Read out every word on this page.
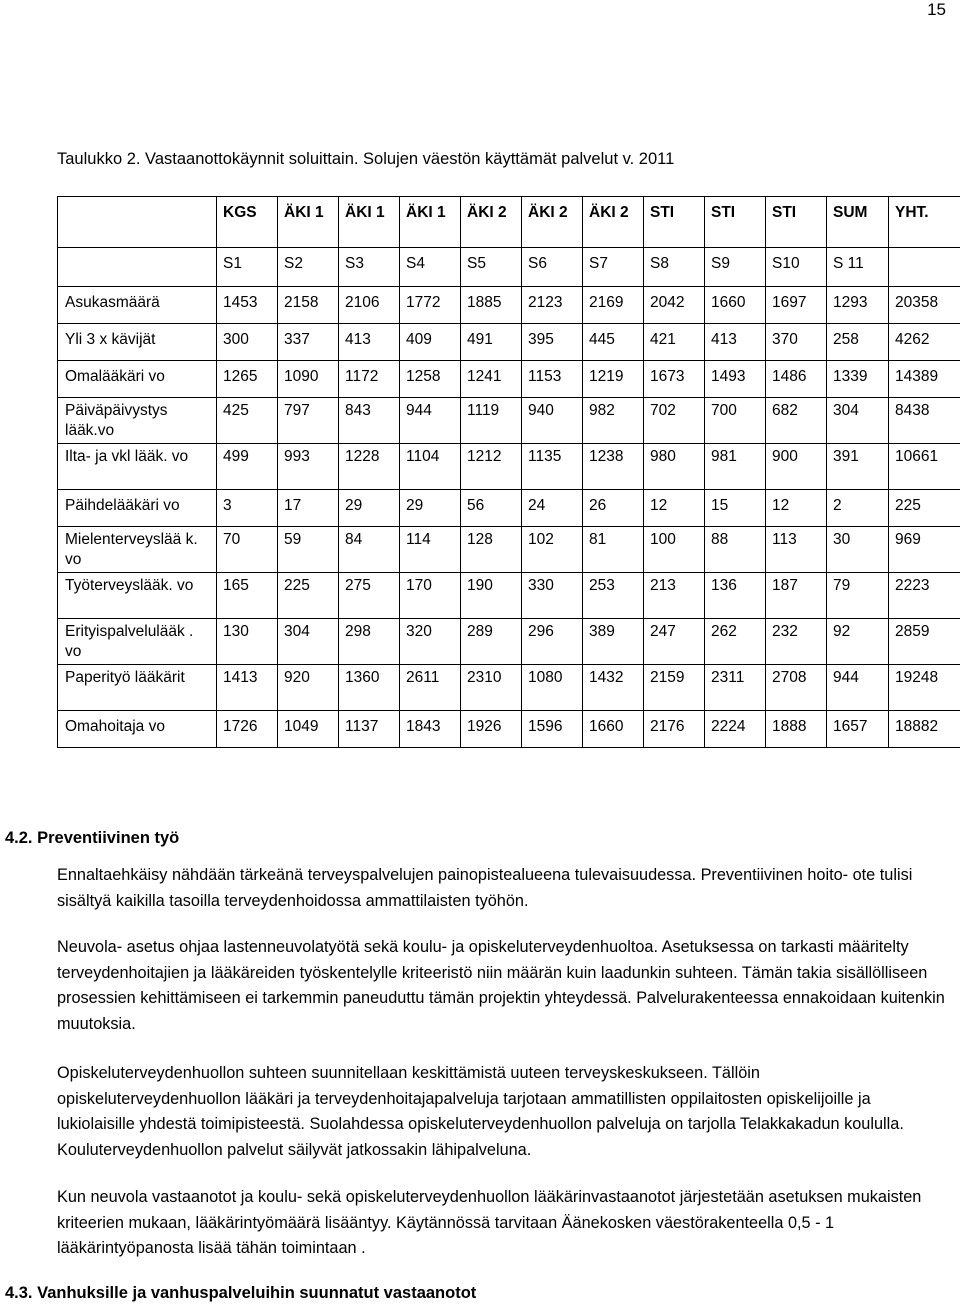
15
Taulukko 2. Vastaanottokäynnit soluittain. Solujen väestön käyttämät palvelut v. 2011
	KGS	ÄKI 1	ÄKI 1	ÄKI 1	ÄKI 2	ÄKI 2	ÄKI 2	STI	STI	STI	SUM	YHT.
	S1	S2	S3	S4	S5	S6	S7	S8	S9	S10	S 11	
Asukasmäärä	1453	2158	2106	1772	1885	2123	2169	2042	1660	1697	1293	20358
Yli 3 x kävijät	300	337	413	409	491	395	445	421	413	370	258	4262
Omalääkäri vo	1265	1090	1172	1258	1241	1153	1219	1673	1493	1486	1339	14389
Päiväpäivystys lääk.vo	425	797	843	944	1119	940	982	702	700	682	304	8438
Ilta- ja vkl lääk. vo	499	993	1228	1104	1212	1135	1238	980	981	900	391	10661
Päihdelääkäri vo	3	17	29	29	56	24	26	12	15	12	2	225
Mielenterveyslää k. vo	70	59	84	114	128	102	81	100	88	113	30	969
Työterveyslääk. vo	165	225	275	170	190	330	253	213	136	187	79	2223
Erityispalvelulääk . vo	130	304	298	320	289	296	389	247	262	232	92	2859
Paperityö lääkärit	1413	920	1360	2611	2310	1080	1432	2159	2311	2708	944	19248
Omahoitaja vo	1726	1049	1137	1843	1926	1596	1660	2176	2224	1888	1657	18882
4.2. Preventiivinen työ

Ennaltaehkäisy nähdään tärkeänä terveyspalvelujen painopistealueena tulevaisuudessa. Preventiivinen hoito- ote tulisi sisältyä kaikilla tasoilla terveydenhoidossa ammattilaisten työhön.

Neuvola- asetus ohjaa lastenneuvolatyötä sekä koulu- ja opiskeluterveydenhuoltoa. Asetuksessa on tarkasti määritelty terveydenhoitajien ja lääkäreiden työskentelylle kriteeristö niin määrän kuin laadunkin suhteen. Tämän takia sisällölliseen prosessien kehittämiseen ei tarkemmin paneuduttu tämän projektin yhteydessä. Palvelurakenteessa ennakoidaan kuitenkin muutoksia.

Opiskeluterveydenhuollon suhteen suunnitellaan keskittämistä uuteen terveyskeskukseen. Tällöin opiskeluterveydenhuollon lääkäri ja terveydenhoitajapalveluja tarjotaan ammatillisten oppilaitosten opiskelijoille ja lukiolaisille yhdestä toimipisteestä. Suolahdessa opiskeluterveydenhuollon palveluja on tarjolla Telakkakadun koululla. Kouluterveydenhuollon palvelut säilyvät jatkossakin lähipalveluna.

Kun neuvola vastaanotot ja koulu- sekä opiskeluterveydenhuollon lääkärinvastaanotot järjestetään asetuksen mukaisten kriteerien mukaan, lääkärintyömäärä lisääntyy. Käytännössä tarvitaan Äänekosken väestörakenteella 0,5 - 1 lääkärintyöpanosta lisää tähän toimintaan .

4.3. Vanhuksille ja vanhuspalveluihin suunnatut vastaanotot
